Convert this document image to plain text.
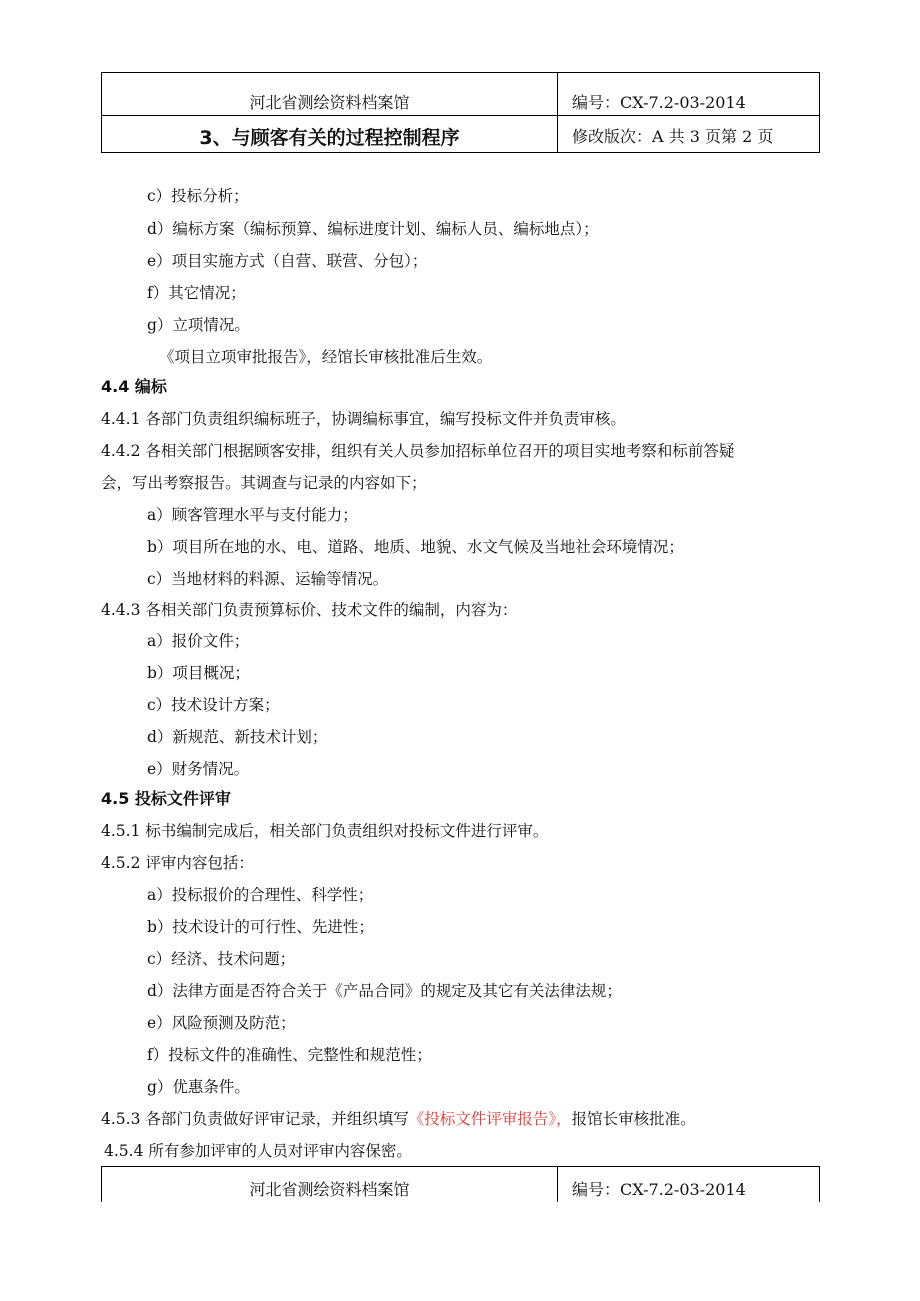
河北省测绘资料档案馆	编号：CX-7.2-03-2014
3、与顾客有关的过程控制程序	修改版次：A 共 3 页第 2 页
c）投标分析；
d）编标方案（编标预算、编标进度计划、编标人员、编标地点）；
e）项目实施方式（自营、联营、分包）；
f）其它情况；
g）立项情况。
《项目立项审批报告》，经馆长审核批准后生效。
4.4 编标
4.4.1 各部门负责组织编标班子，协调编标事宜，编写投标文件并负责审核。
4.4.2 各相关部门根据顾客安排，组织有关人员参加招标单位召开的项目实地考察和标前答疑
会，写出考察报告。其调查与记录的内容如下；
a）顾客管理水平与支付能力；
b）项目所在地的水、电、道路、地质、地貌、水文气候及当地社会环境情况；
c）当地材料的料源、运输等情况。
4.4.3 各相关部门负责预算标价、技术文件的编制，内容为：
a）报价文件；
b）项目概况；
c）技术设计方案；
d）新规范、新技术计划；
e）财务情况。
4.5 投标文件评审
4.5.1 标书编制完成后，相关部门负责组织对投标文件进行评审。
4.5.2 评审内容包括：
a）投标报价的合理性、科学性；
b）技术设计的可行性、先进性；
c）经济、技术问题；
d）法律方面是否符合关于《产品合同》的规定及其它有关法律法规；
e）风险预测及防范；
f）投标文件的准确性、完整性和规范性；
g）优惠条件。
4.5.3 各部门负责做好评审记录，并组织填写《投标文件评审报告》，报馆长审核批准。
4.5.4 所有参加评审的人员对评审内容保密。
河北省测绘资料档案馆	编号：CX-7.2-03-2014
